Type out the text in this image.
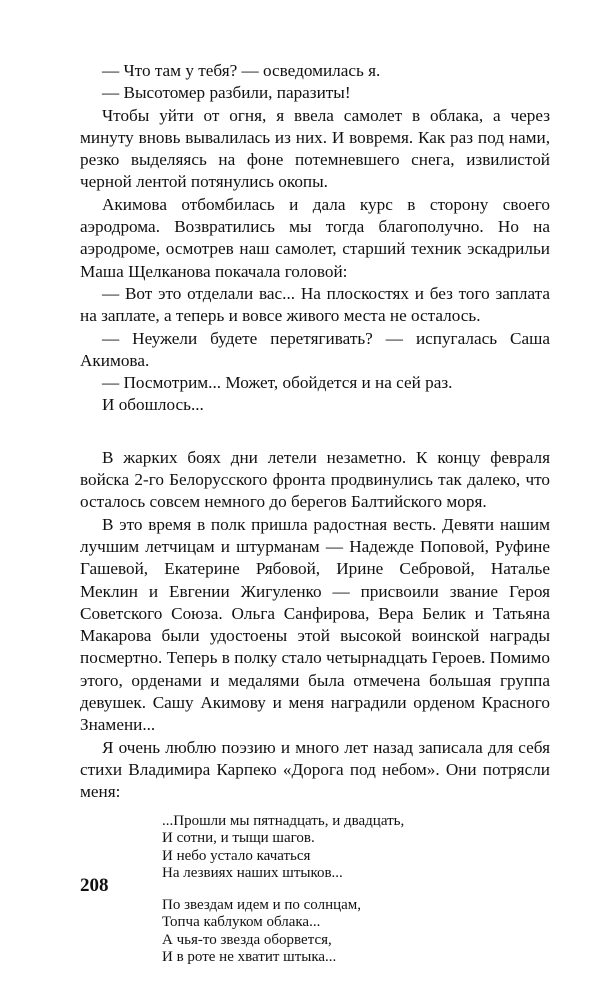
— Что там у тебя? — осведомилась я.

— Высотомер разбили, паразиты!

Чтобы уйти от огня, я ввела самолет в облака, а через минуту вновь вывалилась из них. И вовремя. Как раз под нами, резко выделяясь на фоне потемневшего снега, извилистой черной лентой потянулись окопы.

Акимова отбомбилась и дала курс в сторону своего аэродрома. Возвратились мы тогда благополучно. Но на аэродроме, осмотрев наш самолет, старший техник эскадрильи Маша Щелканова покачала головой:

— Вот это отделали вас... На плоскостях и без того заплата на заплате, а теперь и вовсе живого места не осталось.

— Неужели будете перетягивать? — испугалась Саша Акимова.

— Посмотрим... Может, обойдется и на сей раз.

И обошлось...

В жарких боях дни летели незаметно. К концу февраля войска 2-го Белорусского фронта продвинулись так далеко, что осталось совсем немного до берегов Балтийского моря.

В это время в полк пришла радостная весть. Девяти нашим лучшим летчицам и штурманам — Надежде Поповой, Руфине Гашевой, Екатерине Рябовой, Ирине Себровой, Наталье Меклин и Евгении Жигуленко — присвоили звание Героя Советского Союза. Ольга Санфирова, Вера Белик и Татьяна Макарова были удостоены этой высокой воинской награды посмертно. Теперь в полку стало четырнадцать Героев. Помимо этого, орденами и медалями была отмечена большая группа девушек. Сашу Акимову и меня наградили орденом Красного Знамени...

Я очень люблю поэзию и много лет назад записала для себя стихи Владимира Карпеко «Дорога под небом». Они потрясли меня:

...Прошли мы пятнадцать, и двадцать,
И сотни, и тыщи шагов.
И небо устало качаться
На лезвиях наших штыков...
По звездам идем и по солнцам,
Топча каблуком облака...
А чья-то звезда оборвется,
И в роте не хватит штыка...
208
